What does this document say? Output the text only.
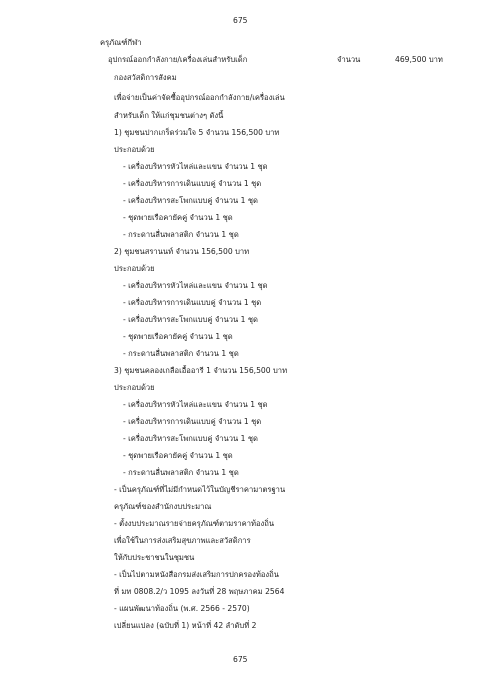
675
ครุภัณฑ์กีฬา
อุปกรณ์ออกกำลังกาย/เครื่องเล่นสำหรับเด็ก	จำนวน	469,500 บาท
กองสวัสดิการสังคม
เพื่อจ่ายเป็นค่าจัดซื้ออุปกรณ์ออกกำลังกาย/เครื่องเล่น
สำหรับเด็ก ให้แก่ชุมชนต่างๆ ดังนี้
1) ชุมชนปากเกร็ดร่วมใจ 5 จำนวน 156,500 บาท
ประกอบด้วย
- เครื่องบริหารหัวไหล่และแขน จำนวน 1 ชุด
- เครื่องบริหารการเดินแบบคู่ จำนวน 1 ชุด
- เครื่องบริหารสะโพกแบบคู่ จำนวน 1 ชุด
- ชุดพายเรือคายัคคู่ จำนวน 1 ชุด
- กระดานลื่นพลาสติก จำนวน 1 ชุด
2) ชุมชนสรานนท์ จำนวน 156,500 บาท
ประกอบด้วย
- เครื่องบริหารหัวไหล่และแขน จำนวน 1 ชุด
- เครื่องบริหารการเดินแบบคู่ จำนวน 1 ชุด
- เครื่องบริหารสะโพกแบบคู่ จำนวน 1 ชุด
- ชุดพายเรือคายัคคู่ จำนวน 1 ชุด
- กระดานลื่นพลาสติก จำนวน 1 ชุด
3) ชุมชนคลองเกลือเอื้ออารี 1 จำนวน 156,500 บาท
ประกอบด้วย
- เครื่องบริหารหัวไหล่และแขน จำนวน 1 ชุด
- เครื่องบริหารการเดินแบบคู่ จำนวน 1 ชุด
- เครื่องบริหารสะโพกแบบคู่ จำนวน 1 ชุด
- ชุดพายเรือคายัคคู่ จำนวน 1 ชุด
- กระดานลื่นพลาสติก จำนวน 1 ชุด
- เป็นครุภัณฑ์ที่ไม่มีกำหนดไว้ในบัญชีราคามาตรฐาน
ครุภัณฑ์ของสำนักงบประมาณ
- ตั้งงบประมาณรายจ่ายครุภัณฑ์ตามราคาท้องถิ่น
เพื่อใช้ในการส่งเสริมสุขภาพและสวัสดิการ
ให้กับประชาชนในชุมชน
- เป็นไปตามหนังสือกรมส่งเสริมการปกครองท้องถิ่น
ที่ มท 0808.2/ว 1095 ลงวันที่ 28 พฤษภาคม 2564
- แผนพัฒนาท้องถิ่น (พ.ศ. 2566 - 2570)
เปลี่ยนแปลง (ฉบับที่ 1) หน้าที่ 42 ลำดับที่ 2
675
